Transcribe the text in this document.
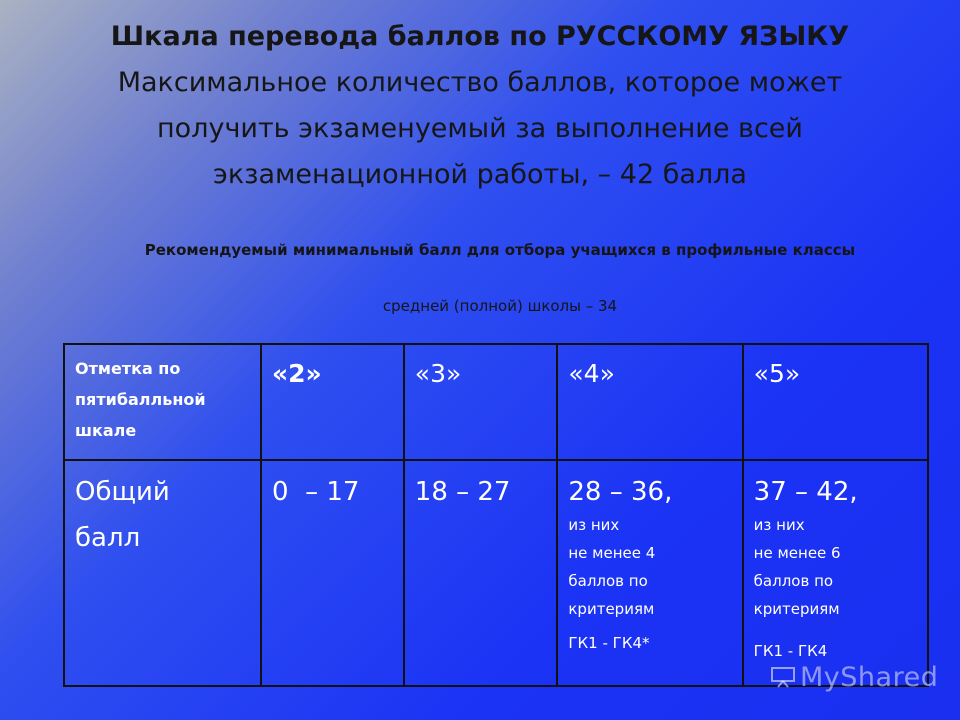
Шкала перевода баллов по РУССКОМУ ЯЗЫКУ
Максимальное количество баллов, которое может получить экзаменуемый за выполнение всей экзаменационной работы, – 42 балла
Рекомендуемый минимальный балл для отбора учащихся в профильные классы
средней (полной) школы – 34
Отметка по пятибалльной шкале	«2»	«3»	«4»	«5»

Общий балл	0  – 17	18 – 27	28 – 36,
из них
не менее 4 баллов по критериям
ГК1 - ГК4*	37 – 42,
из них
не менее 6 баллов по критериям
ГК1 - ГК4
MyShared
